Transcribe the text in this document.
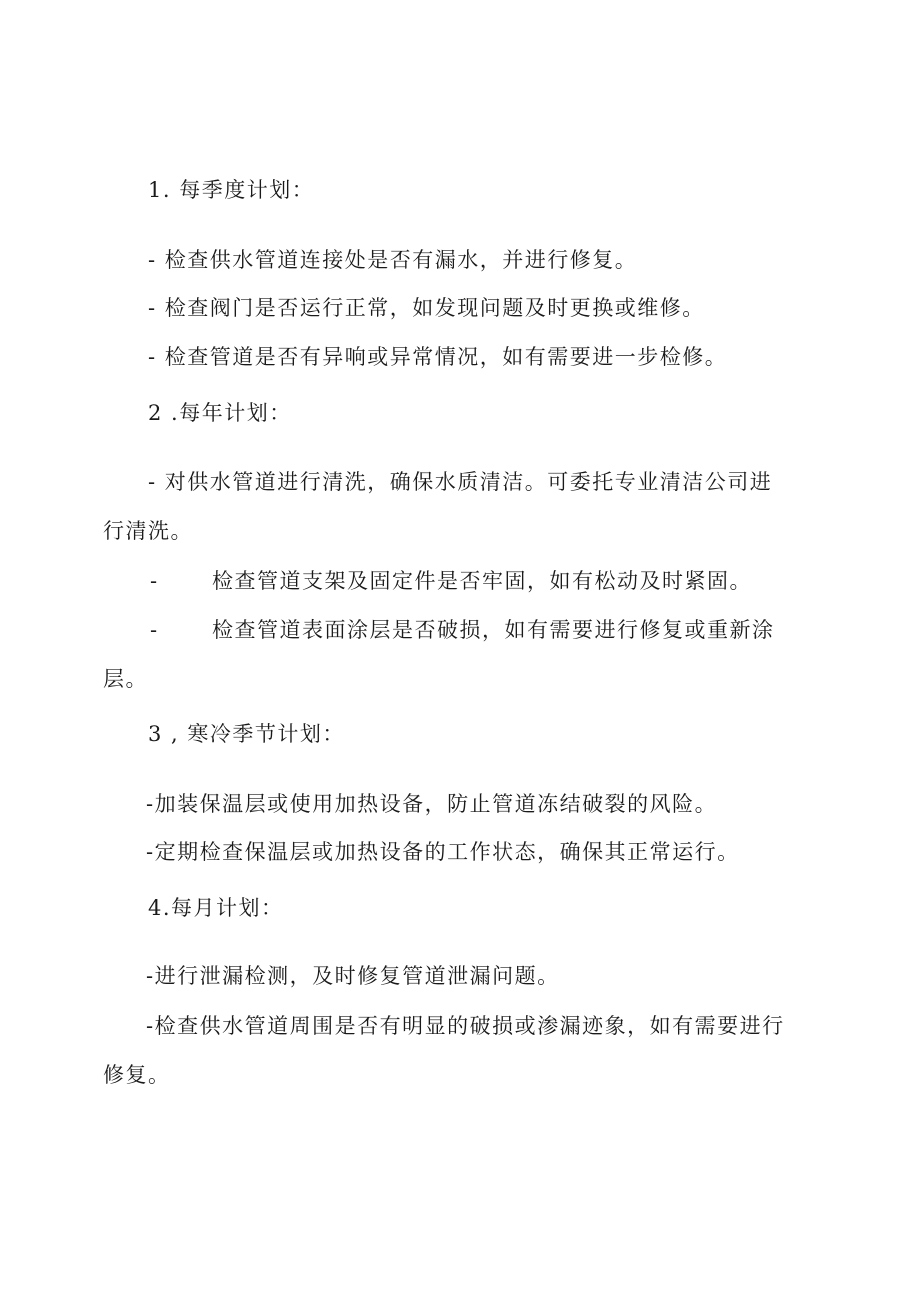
1. 每季度计划：
- 检查供水管道连接处是否有漏水，并进行修复。
- 检查阀门是否运行正常，如发现问题及时更换或维修。
- 检查管道是否有异响或异常情况，如有需要进一步检修。
2 .每年计划：
- 对供水管道进行清洗，确保水质清洁。可委托专业清洁公司进
行清洗。
-	检查管道支架及固定件是否牢固，如有松动及时紧固。
-	检查管道表面涂层是否破损，如有需要进行修复或重新涂
层。
3 , 寒冷季节计划：
-加装保温层或使用加热设备，防止管道冻结破裂的风险。
-定期检查保温层或加热设备的工作状态，确保其正常运行。
4.每月计划：
-进行泄漏检测，及时修复管道泄漏问题。
-检查供水管道周围是否有明显的破损或渗漏迹象，如有需要进行
修复。
